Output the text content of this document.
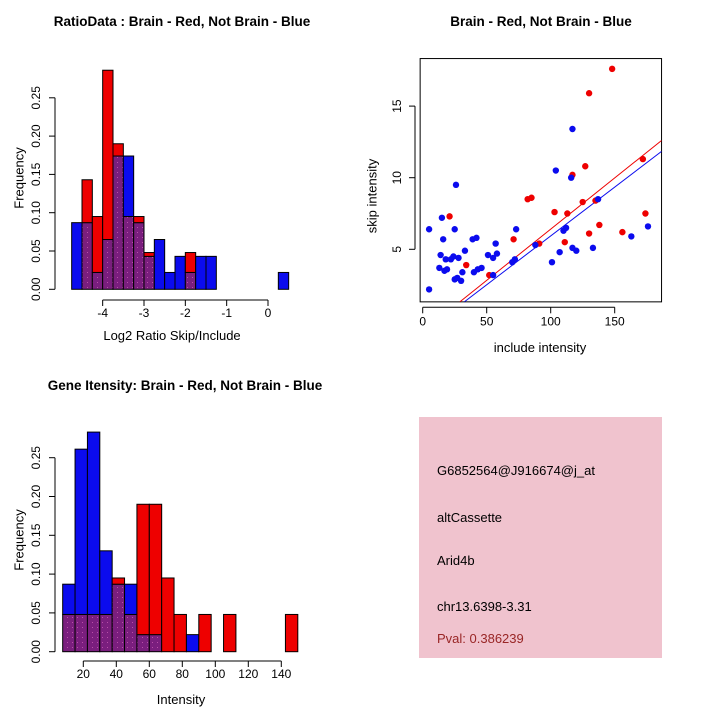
0.00
0.05
0.10
0.15
0.20
0.25
-4	-3	-2	-1	0
0	50	100	150
5
10
15
0.00
0.05
0.10
0.15
0.20
0.25
20 40 60 80 100 120 140
RatioData : Brain - Red, Not Brain - Blue	Brain - Red, Not Brain - Blue
Gene Itensity: Brain - Red, Not Brain - Blue
Log2 Ratio Skip/Include
Frequency
include intensity
skip intensity
Intensity
Frequency
G6852564@J916674@j_at
altCassette
Arid4b
chr13.6398-3.31
Pval: 0.386239
